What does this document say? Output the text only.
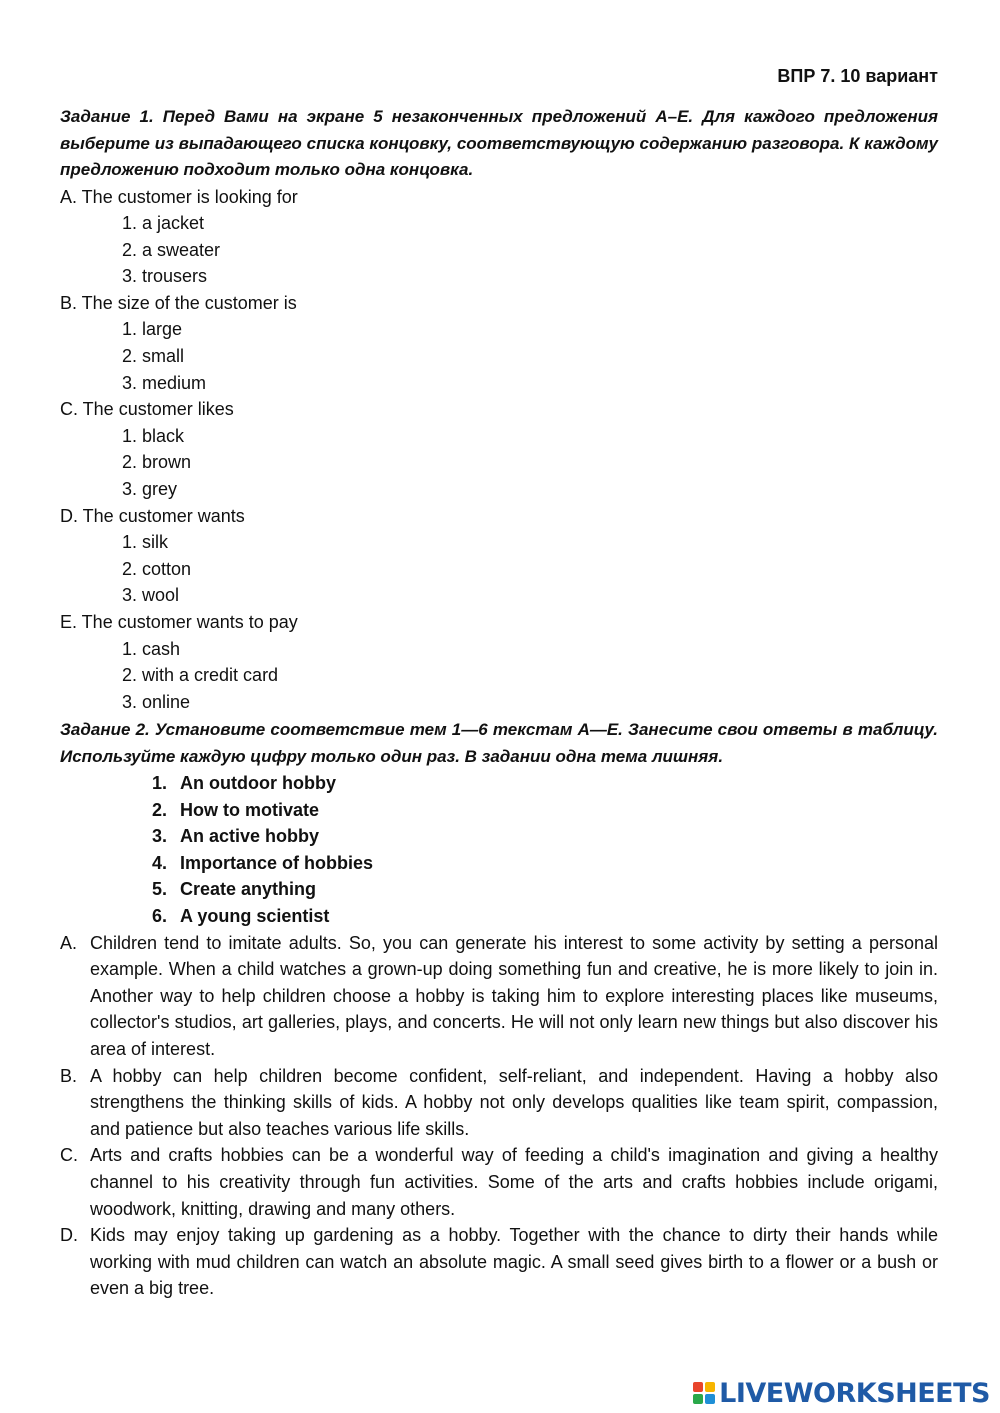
ВПР 7. 10 вариант

Задание 1. Перед Вами на экране 5 незаконченных предложений А–Е. Для каждого предложения выберите из выпадающего списка концовку, соответствующую содержанию разговора. К каждому предложению подходит только одна концовка.

A. The customer is looking for
1. a jacket
2. a sweater
3. trousers
B. The size of the customer is
1. large
2. small
3. medium
C. The customer likes
1. black
2. brown
3. grey
D. The customer wants
1. silk
2. cotton
3. wool
E. The customer wants to pay
1. cash
2. with a credit card
3. online

Задание 2. Установите соответствие тем 1—6 текстам А—Е. Занесите свои ответы в таблицу. Используйте каждую цифру только один раз. В задании одна тема лишняя.

1. An outdoor hobby
2. How to motivate
3. An active hobby
4. Importance of hobbies
5. Create anything
6. A young scientist
A. Children tend to imitate adults. So, you can generate his interest to some activity by setting a personal example. When a child watches a grown-up doing something fun and creative, he is more likely to join in. Another way to help children choose a hobby is taking him to explore interesting places like museums, collector's studios, art galleries, plays, and concerts. He will not only learn new things but also discover his area of interest.
B. A hobby can help children become confident, self-reliant, and independent. Having a hobby also strengthens the thinking skills of kids. A hobby not only develops qualities like team spirit, compassion, and patience but also teaches various life skills.
C. Arts and crafts hobbies can be a wonderful way of feeding a child's imagination and giving a healthy channel to his creativity through fun activities. Some of the arts and crafts hobbies include origami, woodwork, knitting, drawing and many others.
D. Kids may enjoy taking up gardening as a hobby. Together with the chance to dirty their hands while working with mud children can watch an absolute magic. A small seed gives birth to a flower or a bush or even a big tree.
LIVEWORKSHEETS
